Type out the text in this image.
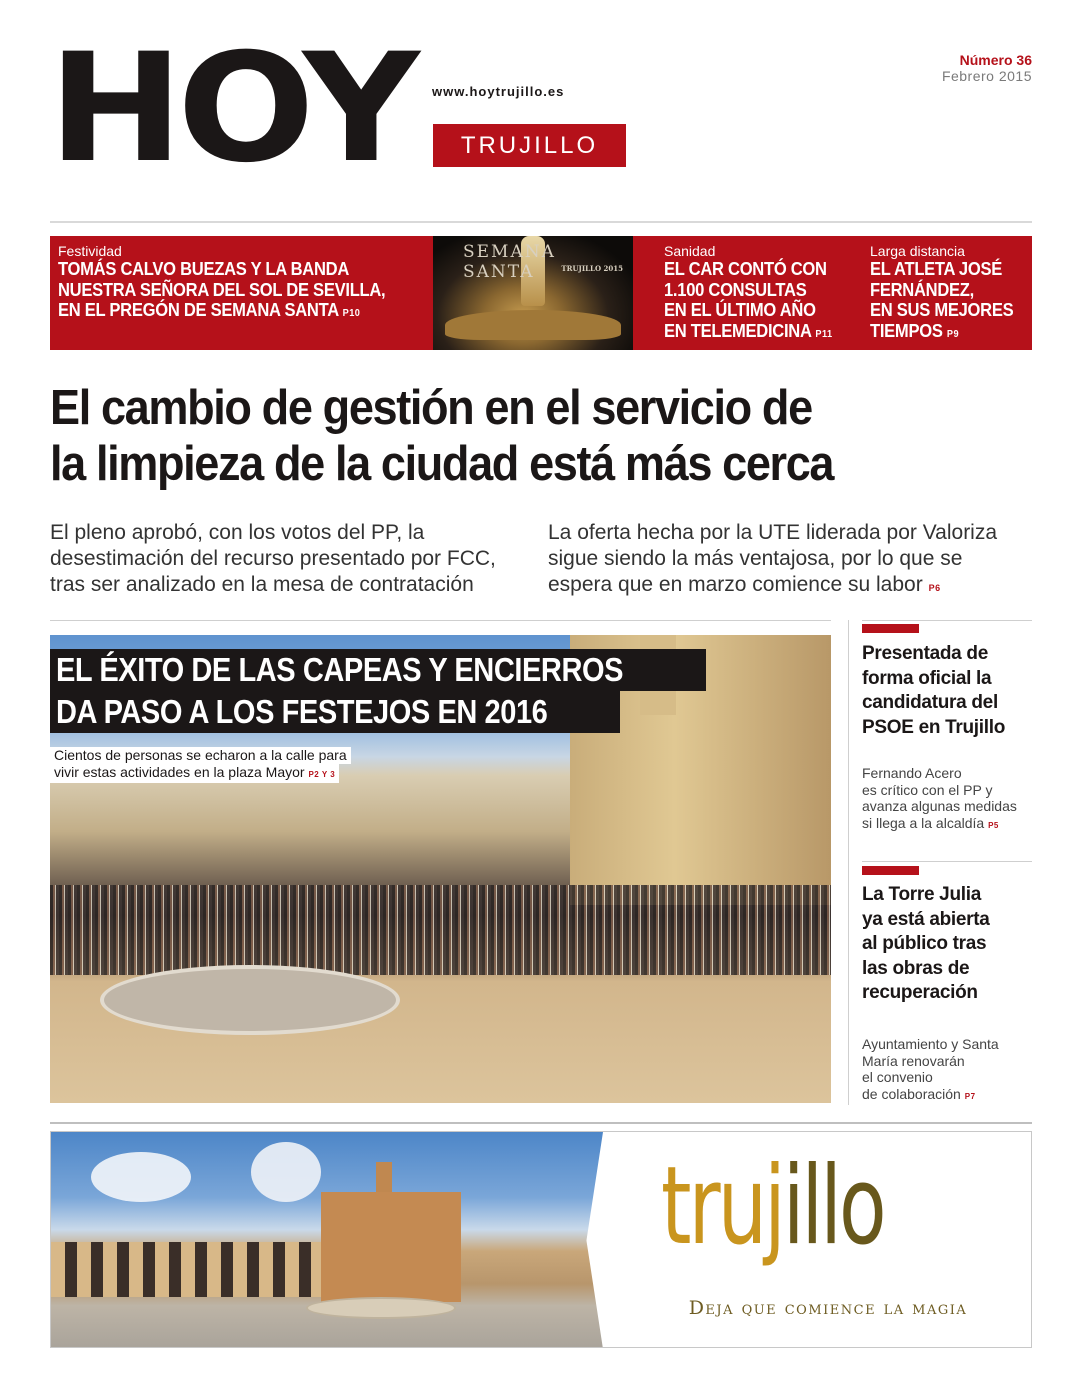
HOY www.hoytrujillo.es
TRUJILLO
Número 36
Febrero 2015
Festividad
TOMÁS CALVO BUEZAS Y LA BANDA
NUESTRA SEÑORA DEL SOL DE SEVILLA,
EN EL PREGÓN DE SEMANA SANTA P10
SEMANA SANTA	TRUJILLO 2015
Sanidad
EL CAR CONTÓ CON
1.100 CONSULTAS
EN EL ÚLTIMO AÑO
EN TELEMEDICINA P11
Larga distancia
EL ATLETA JOSÉ
FERNÁNDEZ,
EN SUS MEJORES
TIEMPOS P9
El cambio de gestión en el servicio de
la limpieza de la ciudad está más cerca
El pleno aprobó, con los votos del PP, la
desestimación del recurso presentado por FCC,
tras ser analizado en la mesa de contratación
La oferta hecha por la UTE liderada por Valoriza
sigue siendo la más ventajosa, por lo que se
espera que en marzo comience su labor P6
EL ÉXITO DE LAS CAPEAS Y ENCIERROS
DA PASO A LOS FESTEJOS EN 2016
Cientos de personas se echaron a la calle para
vivir estas actividades en la plaza Mayor P2 Y 3
Presentada de
forma oficial la
candidatura del
PSOE en Trujillo
Fernando Acero
es crítico con el PP y
avanza algunas medidas
si llega a la alcaldía P5
La Torre Julia
ya está abierta
al público tras
las obras de
recuperación
Ayuntamiento y Santa
María renovarán
el convenio
de colaboración P7
trujillo
Deja que comience la magia
